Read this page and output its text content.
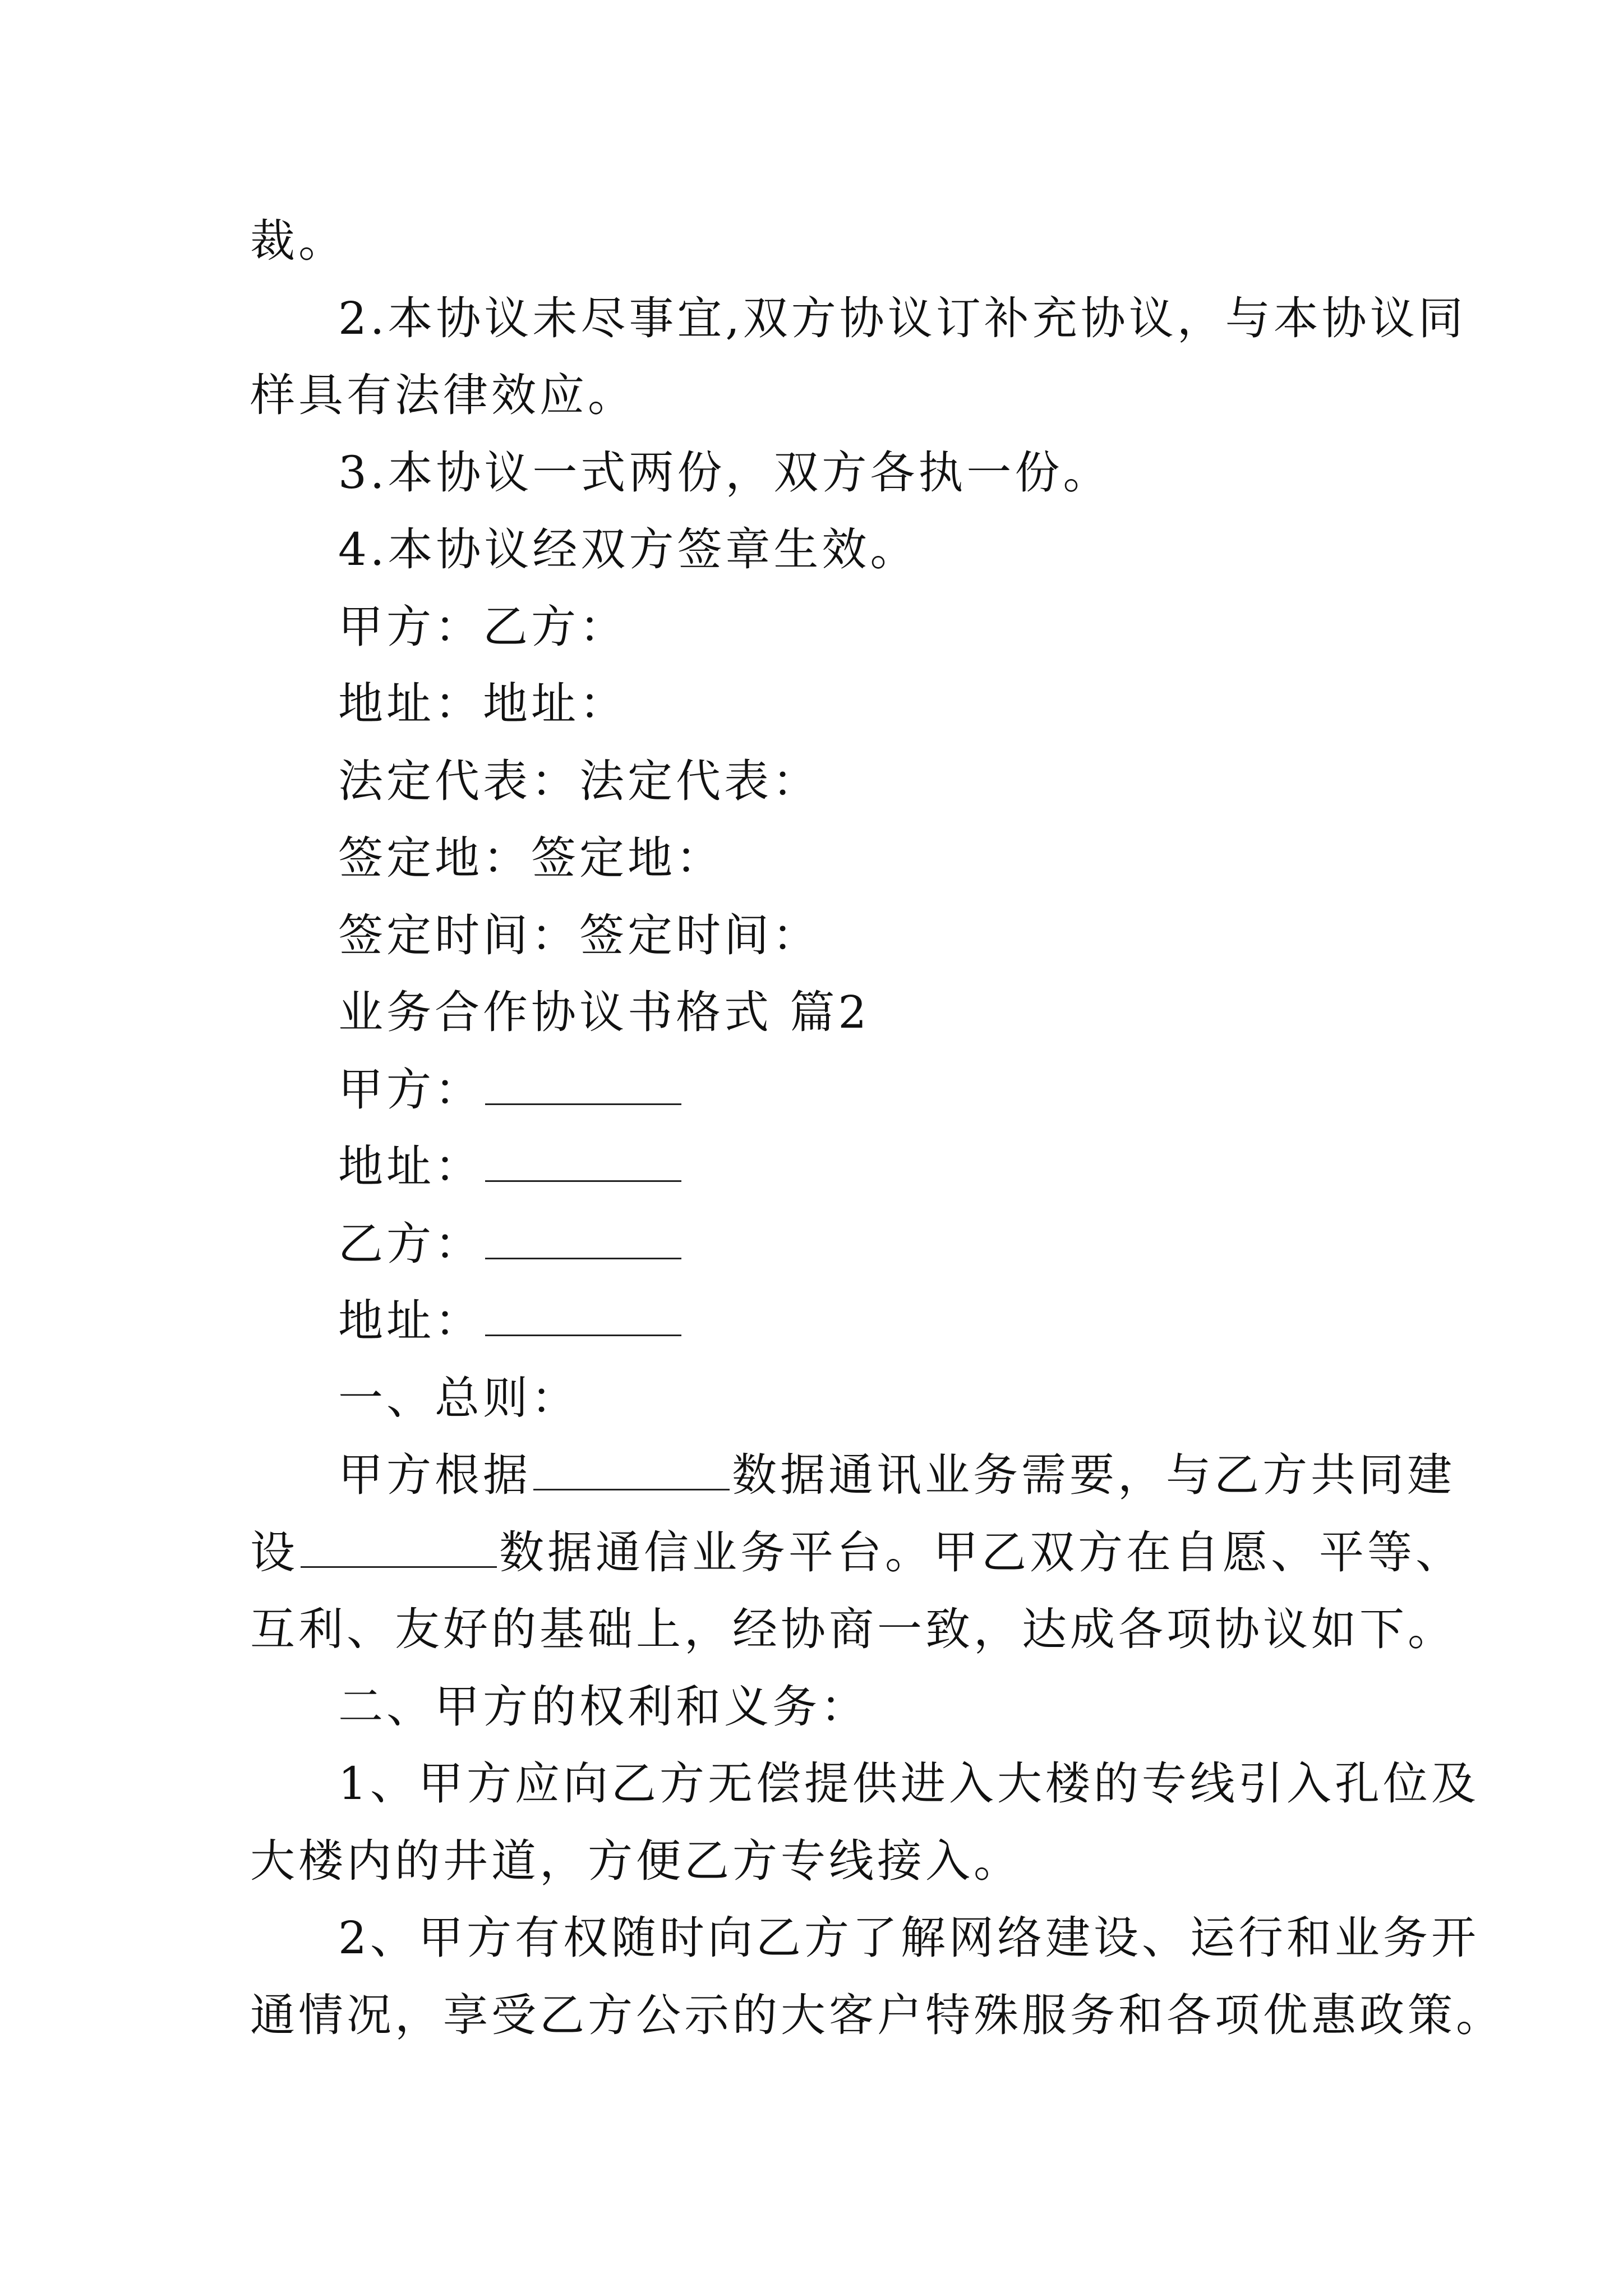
裁。
2.本协议未尽事宜,双方协议订补充协议，与本协议同
样具有法律效应。
3.本协议一式两份，双方各执一份。
4.本协议经双方签章生效。
甲方：乙方：
地址：地址：
法定代表：法定代表：
签定地：签定地：
签定时间：签定时间：
业务合作协议书格式 篇2
甲方：
地址：
乙方：
地址：
一、总则：
甲方根据	数据通讯业务需要，与乙方共同建
设	数据通信业务平台。甲乙双方在自愿、平等、
互利、友好的基础上，经协商一致，达成各项协议如下。
二、甲方的权利和义务：
1、甲方应向乙方无偿提供进入大楼的专线引入孔位及
大楼内的井道，方便乙方专线接入。
2、甲方有权随时向乙方了解网络建设、运行和业务开
通情况，享受乙方公示的大客户特殊服务和各项优惠政策。
